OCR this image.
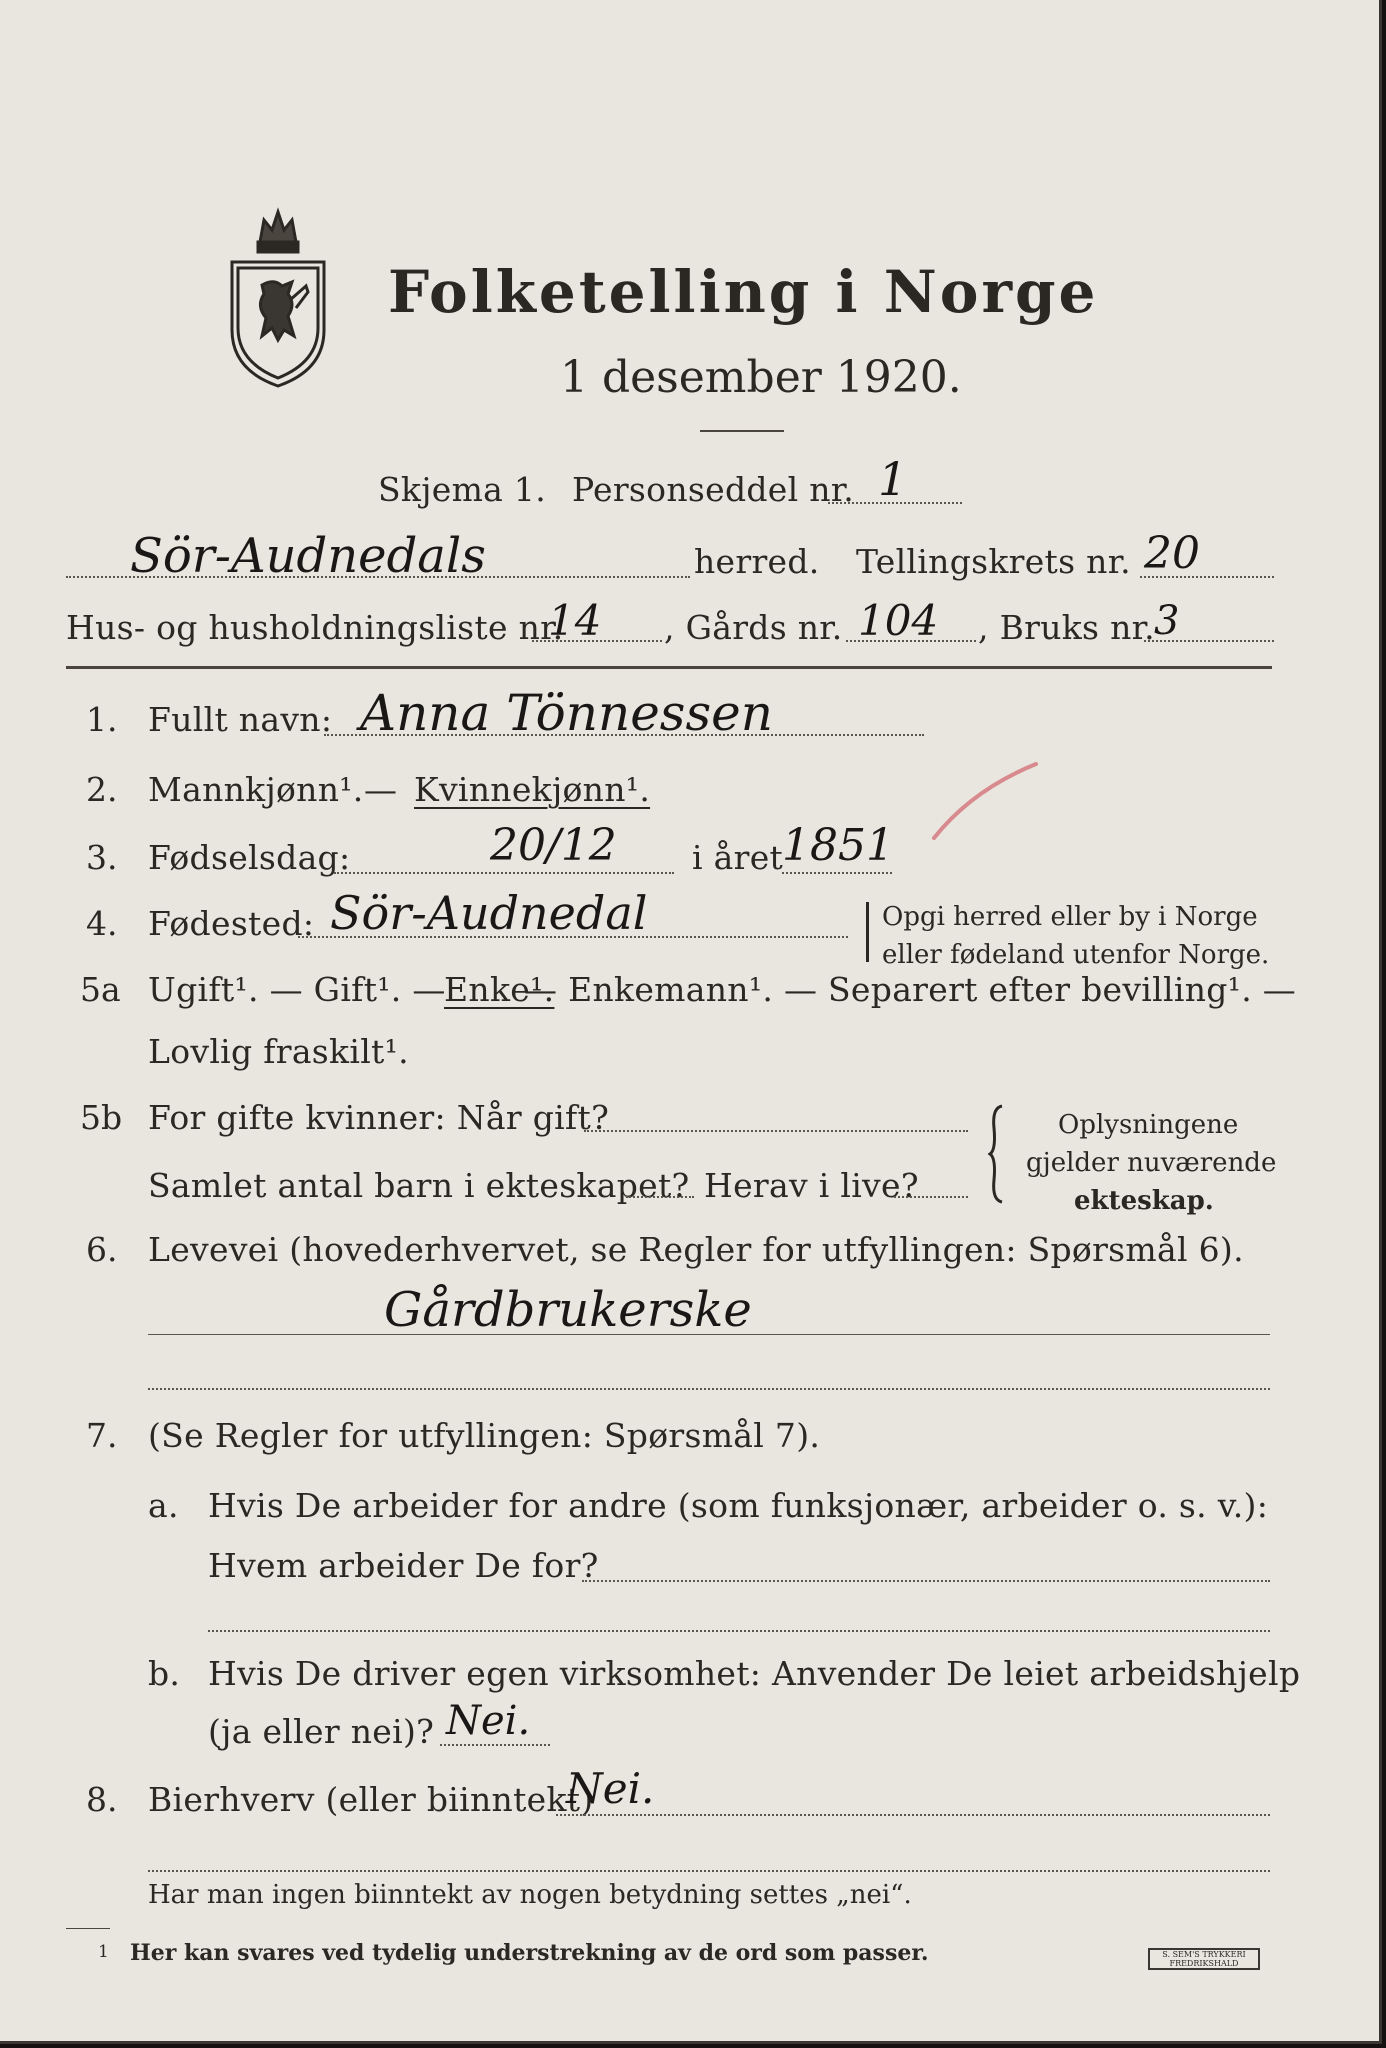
Folketelling i Norge
1 desember 1920.
Skjema 1. Personseddel nr. 1
Sör-Audnedals	herred. Tellingskrets nr. 20
Hus- og husholdningsliste nr.
14 , Gårds nr. 104 , Bruks nr. 3
1. Fullt navn: Anna Tönnessen
2. Mannkjønn¹. — Kvinnekjønn¹.
3. Fødselsdag:	20/12 i året
1851
4. Fødested: Sör-Audnedal	Opgi herred eller by i Norge
eller fødeland utenfor Norge.
5a Ugift¹. — Gift¹. —
Enke¹.
— Enkemann¹. — Separert efter bevilling¹. —
Lovlig fraskilt¹.
5b For gifte kvinner: Når gift?
Samlet antal barn i ekteskapet? Herav i live?
Oplysningene
gjelder nuværende
ekteskap.
6. Levevei (hovederhvervet, se Regler for utfyllingen: Spørsmål 6).
Gårdbrukerske
7. (Se Regler for utfyllingen: Spørsmål 7).
a. Hvis De arbeider for andre (som funksjonær, arbeider o. s. v.):
Hvem arbeider De for?
b. Hvis De driver egen virksomhet: Anvender De leiet arbeidshjelp
(ja eller nei)? Nei.
8. Bierhverv (eller biinntekt)
Nei.
Har man ingen biinntekt av nogen betydning settes „nei“.
1 Her kan svares ved tydelig understrekning av de ord som passer.	S. SEM'S TRYKKERI
FREDRIKSHALD
